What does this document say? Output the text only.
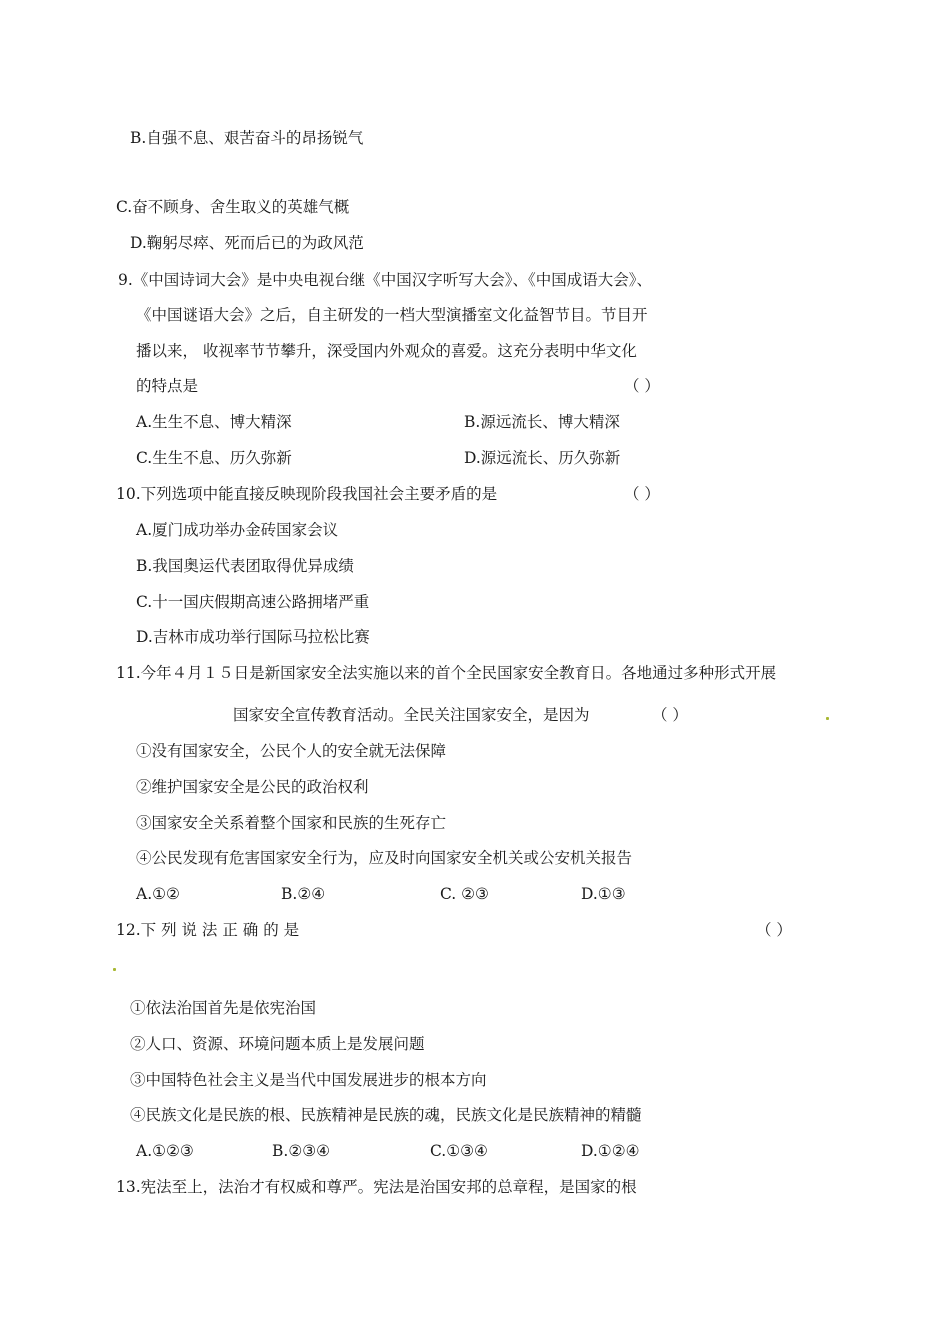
B.自强不息、艰苦奋斗的昂扬锐气
C.奋不顾身、舍生取义的英雄气概
D.鞠躬尽瘁、死而后已的为政风范
9.《中国诗词大会》是中央电视台继《中国汉字听写大会》、《中国成语大会》、
《中国谜语大会》之后，自主研发的一档大型演播室文化益智节目。节目开
播以来， 收视率节节攀升，深受国内外观众的喜爱。这充分表明中华文化
的特点是	（ ）
A.生生不息、博大精深	B.源远流长、博大精深
C.生生不息、历久弥新	D.源远流长、历久弥新
10.下列选项中能直接反映现阶段我国社会主要矛盾的是	（ ）
A.厦门成功举办金砖国家会议
B.我国奥运代表团取得优异成绩
C.十一国庆假期高速公路拥堵严重
D.吉林市成功举行国际马拉松比赛
11.今年４月１５日是新国家安全法实施以来的首个全民国家安全教育日。各地通过多种形式开展
国家安全宣传教育活动。全民关注国家安全，是因为	（ ）
①没有国家安全，公民个人的安全就无法保障
②维护国家安全是公民的政治权利
③国家安全关系着整个国家和民族的生死存亡
④公民发现有危害国家安全行为，应及时向国家安全机关或公安机关报告
A.①②	B.②④	C. ②③	D.①③
12.下 列 说 法 正 确 的 是	（ ）
①依法治国首先是依宪治国
②人口、资源、环境问题本质上是发展问题
③中国特色社会主义是当代中国发展进步的根本方向
④民族文化是民族的根、民族精神是民族的魂，民族文化是民族精神的精髓
A.①②③	B.②③④	C.①③④	D.①②④
13.宪法至上，法治才有权威和尊严。宪法是治国安邦的总章程，是国家的根
